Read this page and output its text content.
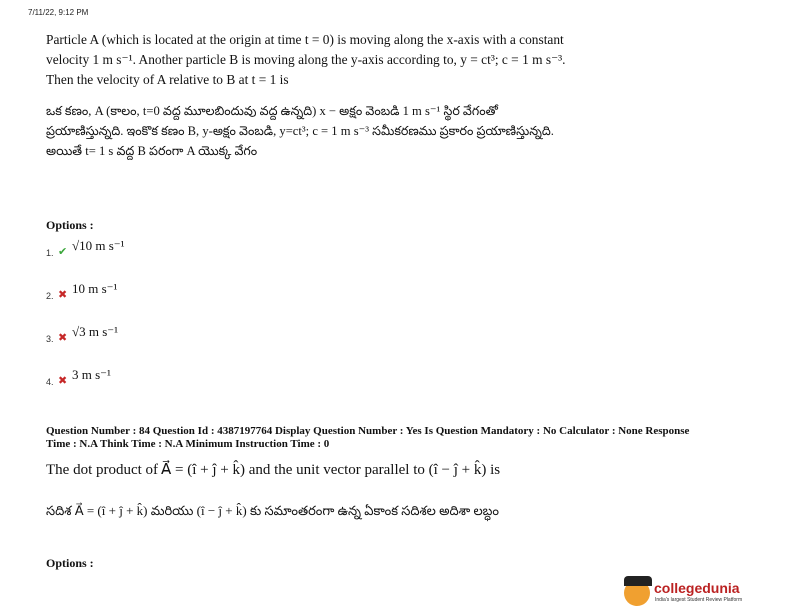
7/11/22, 9:12 PM
Particle A (which is located at the origin at time t = 0) is moving along the x-axis with a constant velocity 1 m s⁻¹. Another particle B is moving along the y-axis according to, y = ct³; c = 1 m s⁻³. Then the velocity of A relative to B at t = 1 is
ఒక కణం, A (కాలం, t=0 వద్ద మూలబిందువు వద్ద ఉన్నది) x − అక్షం వెంబడి 1 m s⁻¹ స్థిర వేగంతో ప్రయాణిస్తున్నది. ఇంకొక కణం B, y-అక్షం వెంబడి, y=ct³; c = 1 m s⁻³ సమీకరణము ప్రకారం ప్రయాణిస్తున్నది. అయితే t= 1 s వద్ద B పరంగా A యొక్క వేగం
Options :
1. ✔ √10 m s⁻¹
2. ✖ 10 m s⁻¹
3. ✖ √3 m s⁻¹
4. ✖ 3 m s⁻¹
Question Number : 84 Question Id : 4387197764 Display Question Number : Yes Is Question Mandatory : No Calculator : None Response
Time : N.A Think Time : N.A Minimum Instruction Time : 0
The dot product of A⃗ = (î + ĵ + k̂) and the unit vector parallel to (î − ĵ + k̂) is
సదిశ A⃗ = (î + ĵ + k̂) మరియు (î − ĵ + k̂) కు సమాంతరంగా ఉన్న ఏకాంక సదిశల అదిశా లబ్ధం
Options :
collegedunia
India's largest Student Review Platform
